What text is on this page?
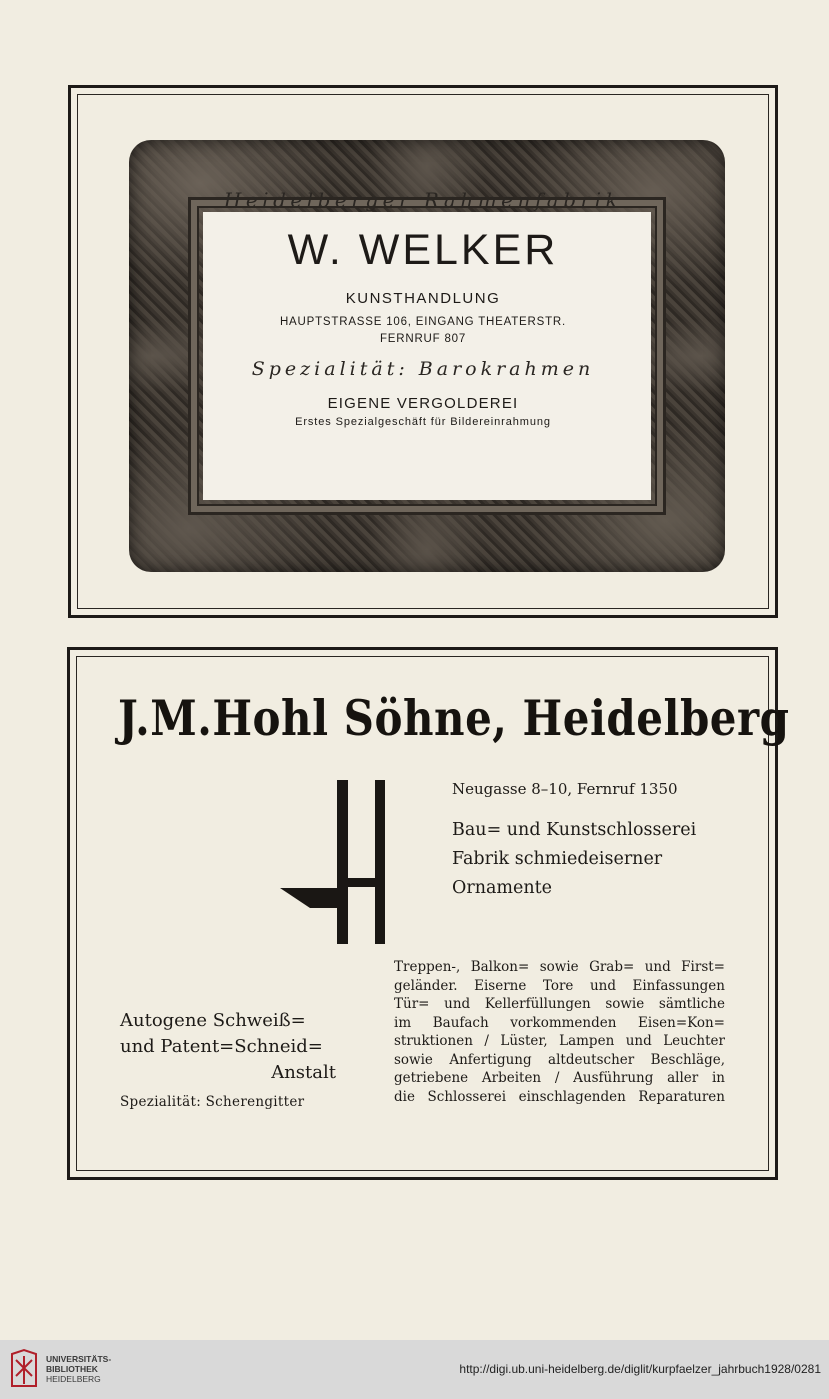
Heidelberger Rahmenfabrik
W. WELKER
KUNSTHANDLUNG
HAUPTSTRASSE 106, EINGANG THEATERSTR.
FERNRUF 807
Spezialität: Barokrahmen
EIGENE VERGOLDEREI
Erstes Spezialgeschäft für Bildereinrahmung
J.M.Hohl Söhne, Heidelberg
Neugasse 8–10, Fernruf 1350
Bau= und Kunstschlosserei
Fabrik schmiedeiserner
Ornamente
Treppen-, Balkon= sowie Grab= und First=
geländer. Eiserne Tore und Einfassungen
Tür= und Kellerfüllungen sowie sämtliche
im Baufach vorkommenden Eisen=Kon=
struktionen / Lüster, Lampen und Leuchter
sowie Anfertigung altdeutscher Beschläge,
getriebene Arbeiten / Ausführung aller in
die Schlosserei einschlagenden Reparaturen
Autogene Schweiß=
und Patent=Schneid=
Anstalt
Spezialität: Scherengitter
UNIVERSITÄTS-
BIBLIOTHEK
HEIDELBERG
http://digi.ub.uni-heidelberg.de/diglit/kurpfaelzer_jahrbuch1928/0281
